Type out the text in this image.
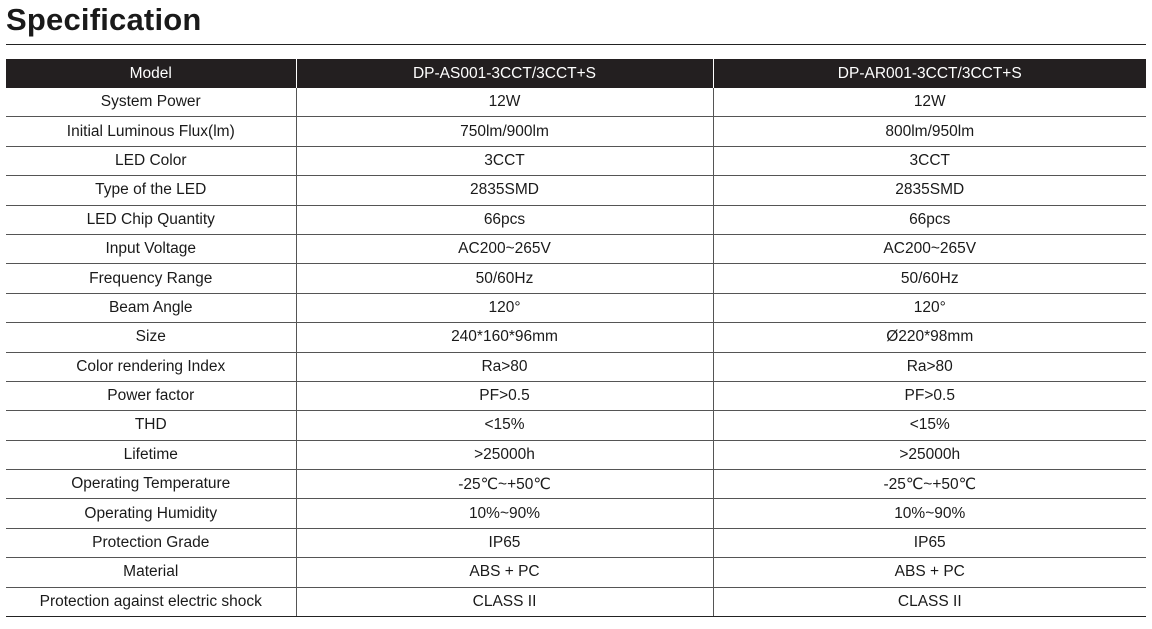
Specification
Model	DP-AS001-3CCT/3CCT+S	DP-AR001-3CCT/3CCT+S
System Power	12W	12W
Initial Luminous Flux(lm)	750lm/900lm	800lm/950lm
LED Color	3CCT	3CCT
Type of the LED	2835SMD	2835SMD
LED Chip Quantity	66pcs	66pcs
Input Voltage	AC200~265V	AC200~265V
Frequency Range	50/60Hz	50/60Hz
Beam Angle	120°	120°
Size	240*160*96mm	Ø220*98mm
Color rendering Index	Ra>80	Ra>80
Power factor	PF>0.5	PF>0.5
THD	<15%	<15%
Lifetime	>25000h	>25000h
Operating Temperature	-25℃~+50℃	-25℃~+50℃
Operating Humidity	10%~90%	10%~90%
Protection Grade	IP65	IP65
Material	ABS + PC	ABS + PC
Protection against electric shock	CLASS II	CLASS II
